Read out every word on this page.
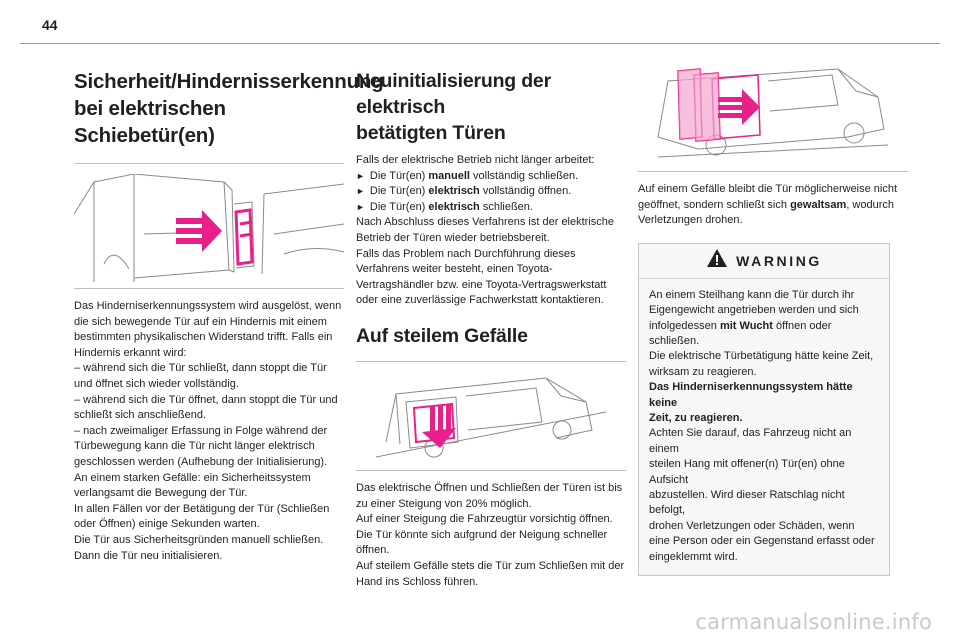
44
Sicherheit/Hindernisserkennung
bei elektrischen Schiebetür(en)

Das Hinderniserkennungssystem wird ausgelöst, wenn

die sich bewegende Tür auf ein Hindernis mit einem

bestimmten physikalischen Widerstand trifft. Falls ein

Hindernis erkannt wird:

– während sich die Tür schließt, dann stoppt die Tür

und öffnet sich wieder vollständig.

– während sich die Tür öffnet, dann stoppt die Tür und

schließt sich anschließend.

– nach zweimaliger Erfassung in Folge während der

Türbewegung kann die Tür nicht länger elektrisch

geschlossen werden (Aufhebung der Initialisierung).

An einem starken Gefälle: ein Sicherheitssystem

verlangsamt die Bewegung der Tür.

In allen Fällen vor der Betätigung der Tür (Schließen

oder Öffnen) einige Sekunden warten.

Die Tür aus Sicherheitsgründen manuell schließen.

Dann die Tür neu initialisieren.

Neuinitialisierung der elektrisch
betätigten Türen

Falls der elektrische Betrieb nicht länger arbeitet:

► Die Tür(en) manuell vollständig schließen.

► Die Tür(en) elektrisch vollständig öffnen.

► Die Tür(en) elektrisch schließen.

Nach Abschluss dieses Verfahrens ist der elektrische

Betrieb der Türen wieder betriebsbereit.

Falls das Problem nach Durchführung dieses

Verfahrens weiter besteht, einen Toyota-

Vertragshändler bzw. eine Toyota-Vertragswerkstatt

oder eine zuverlässige Fachwerkstatt kontaktieren.

Auf steilem Gefälle

Das elektrische Öffnen und Schließen der Türen ist bis

zu einer Steigung von 20% möglich.

Auf einer Steigung die Fahrzeugtür vorsichtig öffnen.

Die Tür könnte sich aufgrund der Neigung schneller

öffnen.

Auf steilem Gefälle stets die Tür zum Schließen mit der

Hand ins Schloss führen.

Auf einem Gefälle bleibt die Tür möglicherweise nicht

geöffnet, sondern schließt sich gewaltsam, wodurch

Verletzungen drohen.

WARNING

An einem Steilhang kann die Tür durch ihr

Eigengewicht angetrieben werden und sich

infolgedessen mit Wucht öffnen oder schließen.

Die elektrische Türbetätigung hätte keine Zeit,

wirksam zu reagieren.

Das Hinderniserkennungssystem hätte keine

Zeit, zu reagieren.

Achten Sie darauf, das Fahrzeug nicht an einem

steilen Hang mit offener(n) Tür(en) ohne Aufsicht

abzustellen. Wird dieser Ratschlag nicht befolgt,

drohen Verletzungen oder Schäden, wenn

eine Person oder ein Gegenstand erfasst oder

eingeklemmt wird.

carmanualsonline.info
